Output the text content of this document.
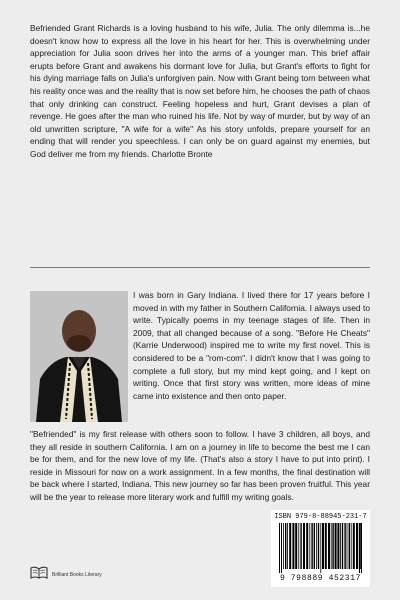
Befriended Grant Richards is a loving husband to his wife, Julia. The only dilemma is...he doesn't know how to express all the love in his heart for her. This is overwhelming under appreciation for Julia soon drives her into the arms of a younger man. This brief affair erupts before Grant and awakens his dormant love for Julia, but Grant's efforts to fight for his dying marriage falls on Julia's unforgiven pain. Now with Grant being torn between what his reality once was and the reality that is now set before him, he chooses the path of chaos that only drinking can construct. Feeling hopeless and hurt, Grant devises a plan of revenge. He goes after the man who ruined his life. Not by way of murder, but by way of an old unwritten scripture, "A wife for a wife" As his story unfolds, prepare yourself for an ending that will render you speechless. I can only be on guard against my enemies, but God deliver me from my friends. Charlotte Bronte
I was born in Gary Indiana. I lived there for 17 years before I moved in with my father in Southern California. I always used to write. Typically poems in my teenage stages of life. Then in 2009, that all changed because of a song. "Before He Cheats" (Karrie Underwood) inspired me to write my first novel. This is considered to be a "rom-com". I didn't know that I was going to complete a full story, but my mind kept going, and I kept on writing. Once that first story was written, more ideas of mine came into existence and then onto paper.
"Befriended" is my first release with others soon to follow. I have 3 children, all boys, and they all reside in southern California. I am on a journey in life to become the best me I can be for them, and for the new love of my life. (That's also a story I have to put into print). I reside in Missouri for now on a work assignment. In a few months, the final destination will be back where I started, Indiana. This new journey so far has been proven fruitful. This year will be the year to release more literary work and fulfill my writing goals.
Brilliant Books Literary
ISBN 979-8-88945-231-7
9 798889 452317
